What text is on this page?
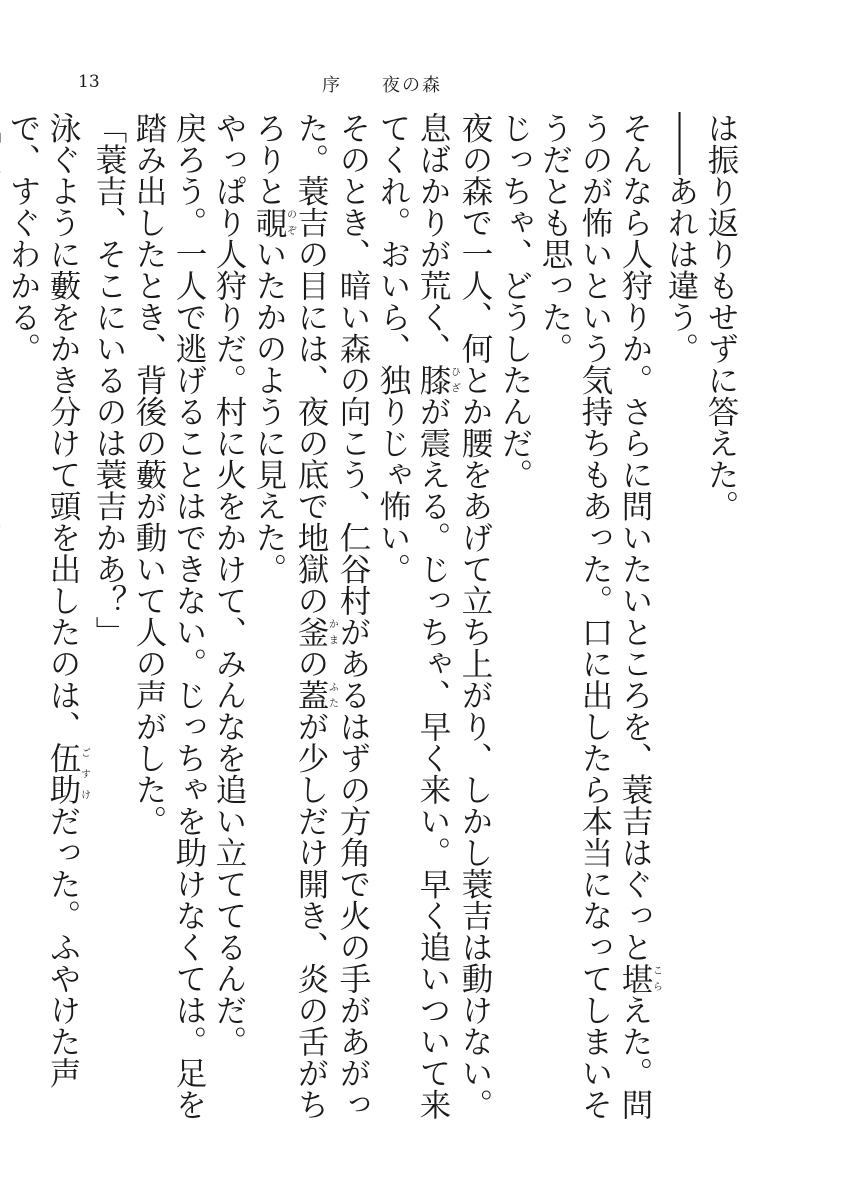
13	序　　夜の森

は振り返りもせずに答えた。

――あれは違う。

そんなら人狩りか。さらに問いたいところを、蓑吉はぐっと堪こらえた。問うのが怖いという気持ちもあった。口に出したら本当になってしまいそうだとも思った。

じっちゃ、どうしたんだ。

夜の森で一人、何とか腰をあげて立ち上がり、しかし蓑吉は動けない。息ばかりが荒く、膝ひざが震える。じっちゃ、早く来い。早く追いついて来てくれ。おいら、独りじゃ怖い。

そのとき、暗い森の向こう、仁谷村があるはずの方角で火の手があがった。蓑吉の目には、夜の底で地獄の釜かまの蓋ふたが少しだけ開き、炎の舌がちろりと覗のぞいたかのように見えた。

やっぱり人狩りだ。村に火をかけて、みんなを追い立ててるんだ。

戻ろう。一人で逃げることはできない。じっちゃを助けなくては。足を踏み出したとき、背後の藪が動いて人の声がした。

「蓑吉、そこにいるのは蓑吉かあ？」

泳ぐように藪をかき分けて頭を出したのは、伍助ごすけだった。ふやけた声で、すぐわかる。
